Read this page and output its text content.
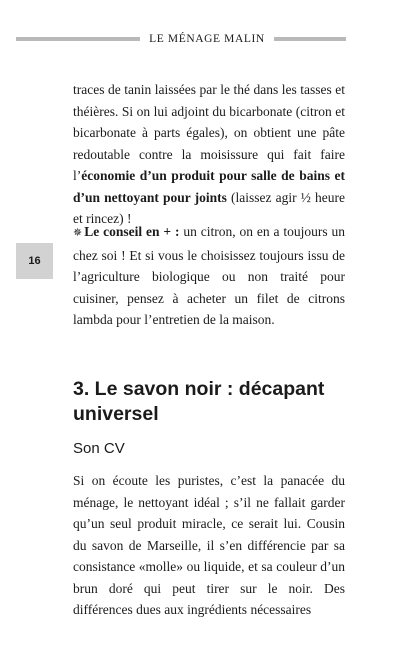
LE MÉNAGE MALIN
16

traces de tanin laissées par le thé dans les tasses et théières. Si on lui adjoint du bicarbonate (citron et bicarbonate à parts égales), on obtient une pâte redoutable contre la moisissure qui fait faire l’économie d’un produit pour salle de bains et d’un nettoyant pour joints (laissez agir ½ heure et rincez) !

✵ Le conseil en + : un citron, on en a toujours un chez soi ! Et si vous le choisissez toujours issu de l’agriculture biologique ou non traité pour cuisiner, pensez à acheter un filet de citrons lambda pour l’entretien de la maison.

3. Le savon noir : décapant universel
Son CV

Si on écoute les puristes, c’est la panacée du ménage, le nettoyant idéal ; s’il ne fallait garder qu’un seul produit miracle, ce serait lui. Cousin du savon de Marseille, il s’en différencie par sa consistance «molle» ou liquide, et sa couleur d’un brun doré qui peut tirer sur le noir. Des différences dues aux ingrédients nécessaires
